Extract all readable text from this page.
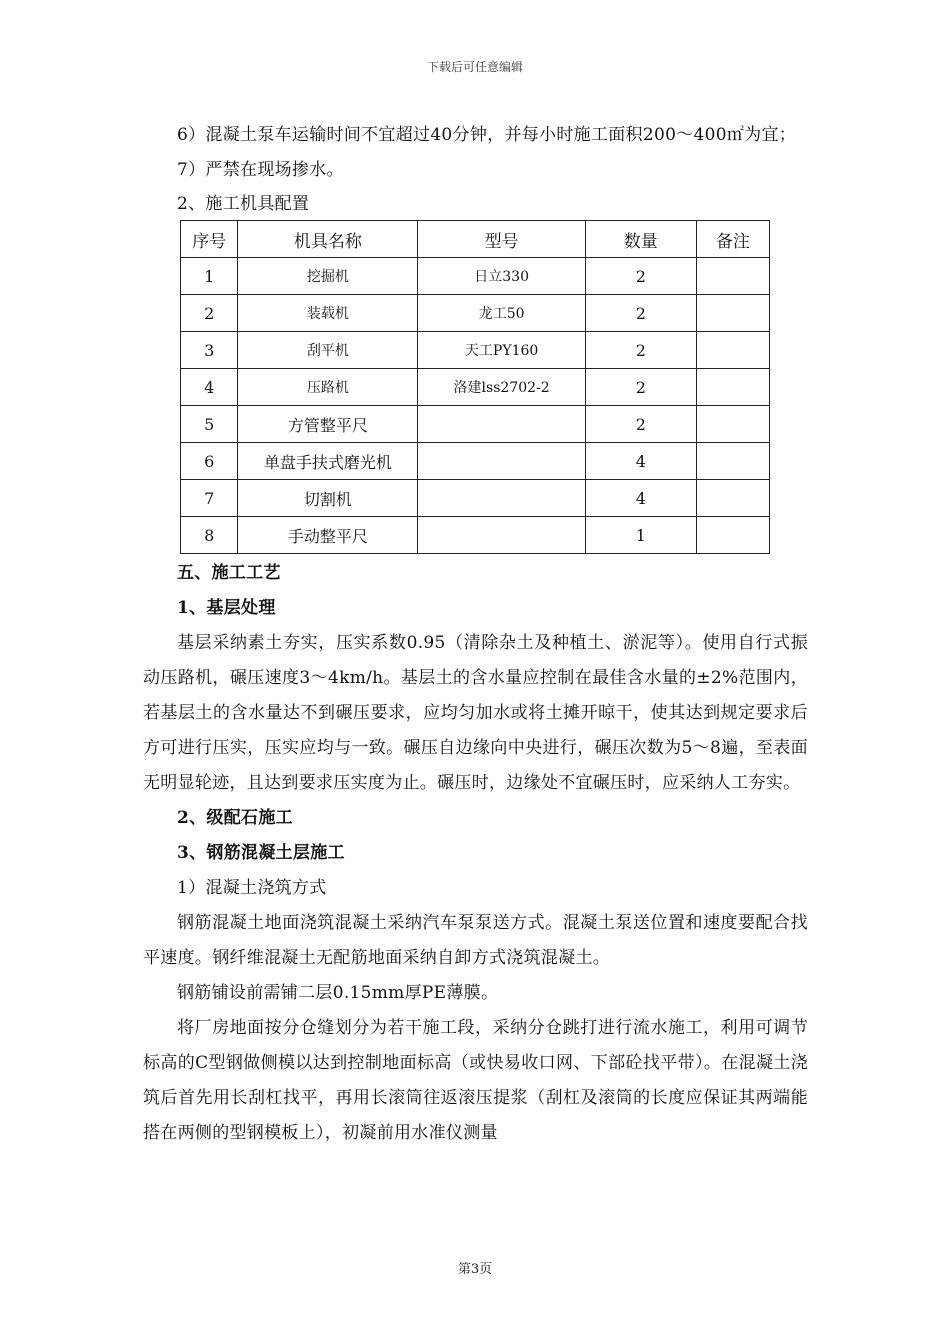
下载后可任意编辑

6）混凝土泵车运输时间不宜超过40分钟，并每小时施工面积200～400㎡为宜；

7）严禁在现场掺水。

2、施工机具配置

序号	机具名称	型号	数量	备注
1	挖掘机	日立330	2	
2	装载机	龙工50	2	
3	刮平机	天工PY160	2	
4	压路机	洛建lss2702-2	2	
5	方管整平尺		2	
6	单盘手扶式磨光机		4	
7	切割机		4	
8	手动整平尺		1	

五、施工工艺

1、基层处理

基层采纳素土夯实，压实系数0.95（清除杂土及种植土、淤泥等）。使用自行式振动压路机，碾压速度3～4km/h。基层土的含水量应控制在最佳含水量的±2%范围内，若基层土的含水量达不到碾压要求，应均匀加水或将土摊开晾干，使其达到规定要求后方可进行压实，压实应均与一致。碾压自边缘向中央进行，碾压次数为5～8遍，至表面无明显轮迹，且达到要求压实度为止。碾压时，边缘处不宜碾压时，应采纳人工夯实。

2、级配石施工

3、钢筋混凝土层施工

1）混凝土浇筑方式

钢筋混凝土地面浇筑混凝土采纳汽车泵泵送方式。混凝土泵送位置和速度要配合找平速度。钢纤维混凝土无配筋地面采纳自卸方式浇筑混凝土。

钢筋铺设前需铺二层0.15mm厚PE薄膜。

将厂房地面按分仓缝划分为若干施工段，采纳分仓跳打进行流水施工，利用可调节标高的C型钢做侧模以达到控制地面标高（或快易收口网、下部砼找平带）。在混凝土浇筑后首先用长刮杠找平，再用长滚筒往返滚压提浆（刮杠及滚筒的长度应保证其两端能搭在两侧的型钢模板上），初凝前用水准仪测量

第3页
